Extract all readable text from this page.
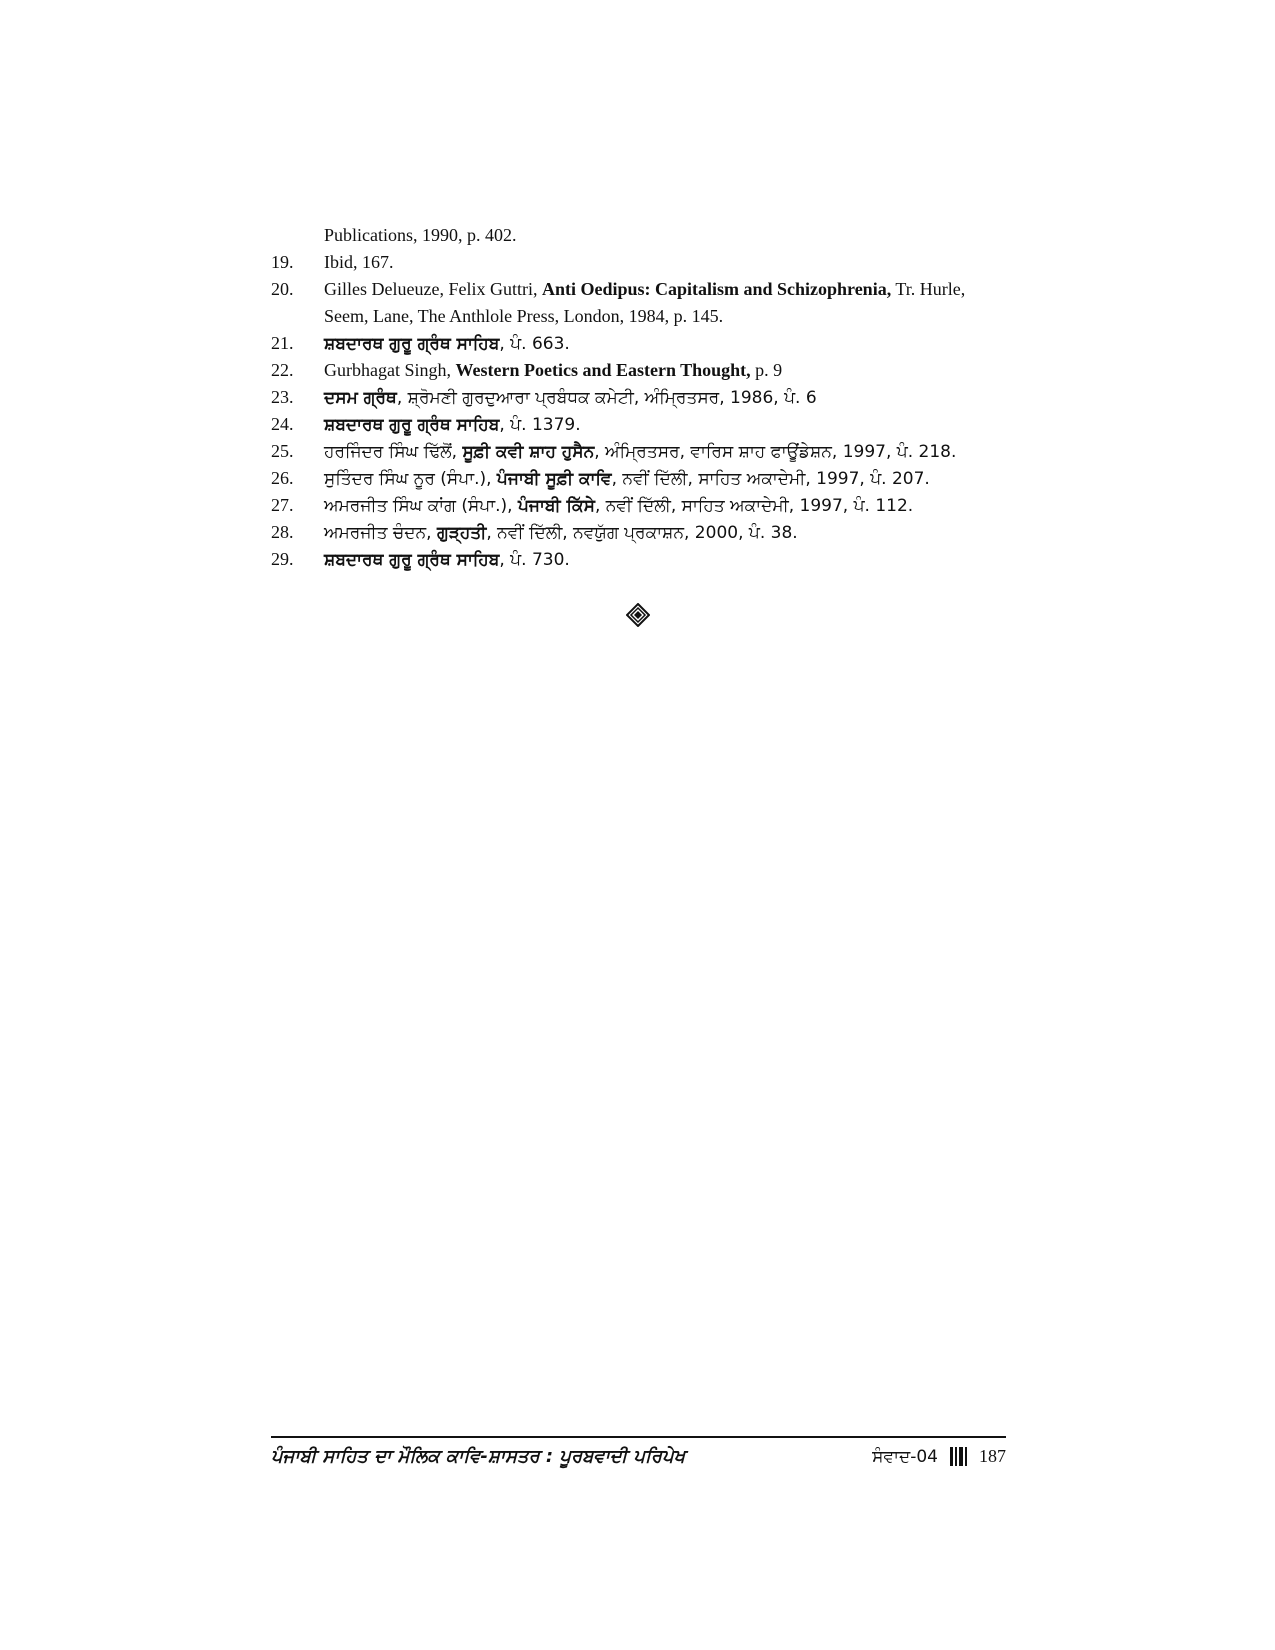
Publications, 1990, p. 402.
19.	Ibid, 167.
20.	Gilles Delueuze, Felix Guttri, Anti Oedipus: Capitalism and Schizophrenia, Tr. Hurle,
Seem, Lane, The Anthlole Press, London, 1984, p. 145.
21.	ਸ਼ਬਦਾਰਥ ਗੁਰੂ ਗ੍ਰੰਥ ਸਾਹਿਬ, ਪੰ. 663.
22.	Gurbhagat Singh, Western Poetics and Eastern Thought, p. 9
23.	ਦਸਮ ਗ੍ਰੰਥ, ਸ਼੍ਰੋਮਣੀ ਗੁਰਦੁਆਰਾ ਪ੍ਰਬੰਧਕ ਕਮੇਟੀ, ਅੰਮ੍ਰਿਤਸਰ, 1986, ਪੰ. 6
24.	ਸ਼ਬਦਾਰਥ ਗੁਰੂ ਗ੍ਰੰਥ ਸਾਹਿਬ, ਪੰ. 1379.
25.	ਹਰਜਿੰਦਰ ਸਿੰਘ ਢਿੱਲੋਂ, ਸੂਫ਼ੀ ਕਵੀ ਸ਼ਾਹ ਹੁਸੈਨ, ਅੰਮ੍ਰਿਤਸਰ, ਵਾਰਿਸ ਸ਼ਾਹ ਫਾਊਂਡੇਸ਼ਨ, 1997, ਪੰ. 218.
26.	ਸੁਤਿੰਦਰ ਸਿੰਘ ਨੂਰ (ਸੰਪਾ.), ਪੰਜਾਬੀ ਸੂਫ਼ੀ ਕਾਵਿ, ਨਵੀਂ ਦਿੱਲੀ, ਸਾਹਿਤ ਅਕਾਦੇਮੀ, 1997, ਪੰ. 207.
27.	ਅਮਰਜੀਤ ਸਿੰਘ ਕਾਂਗ (ਸੰਪਾ.), ਪੰਜਾਬੀ ਕਿੱਸੇ, ਨਵੀਂ ਦਿੱਲੀ, ਸਾਹਿਤ ਅਕਾਦੇਮੀ, 1997, ਪੰ. 112.
28.	ਅਮਰਜੀਤ ਚੰਦਨ, ਗੁੜ੍ਹਤੀ, ਨਵੀਂ ਦਿੱਲੀ, ਨਵਯੁੱਗ ਪ੍ਰਕਾਸ਼ਨ, 2000, ਪੰ. 38.
29.	ਸ਼ਬਦਾਰਥ ਗੁਰੂ ਗ੍ਰੰਥ ਸਾਹਿਬ, ਪੰ. 730.
ਪੰਜਾਬੀ ਸਾਹਿਤ ਦਾ ਮੌਲਿਕ ਕਾਵਿ-ਸ਼ਾਸਤਰ : ਪੂਰਬਵਾਦੀ ਪਰਿਪੇਖ	ਸੰਵਾਦ-04 187
